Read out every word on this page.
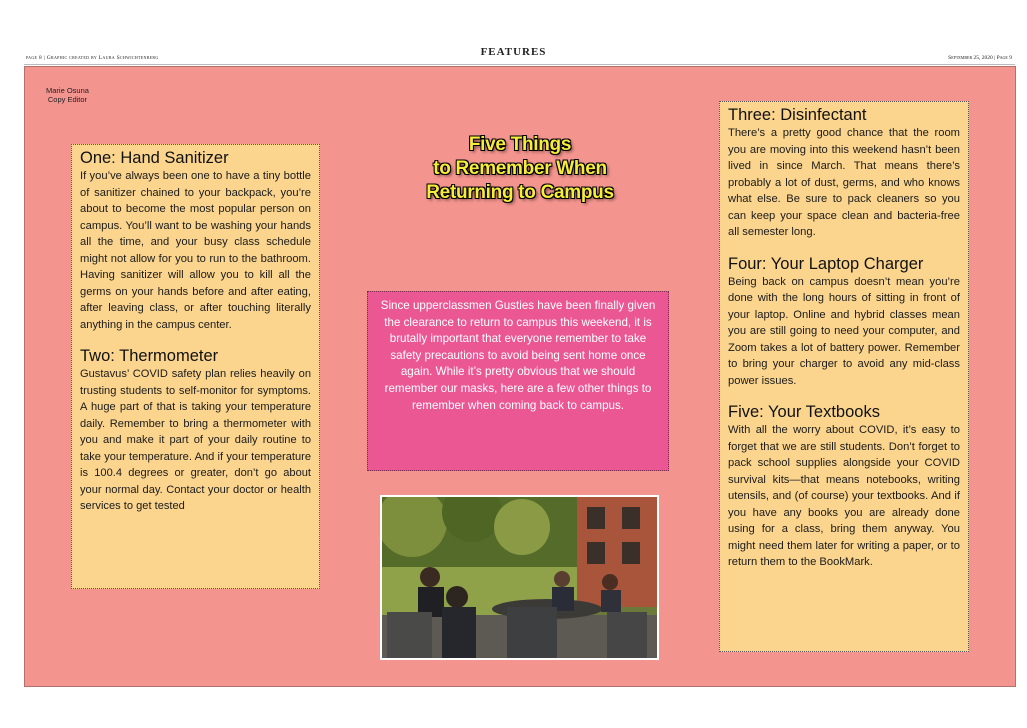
page 8 | Graphic created by Laura Schwichtenberg	FEATURES	September 25, 2020 | Page 9
Marie Osuna
Copy Editor
One: Hand Sanitizer

If you’ve always been one to have a tiny bottle of sanitizer chained to your backpack, you’re about to become the most popular person on campus. You’ll want to be washing your hands all the time, and your busy class schedule might not allow for you to run to the bathroom. Having sanitizer will allow you to kill all the germs on your hands before and after eating, after leaving class, or after touching literally anything in the campus center.

Two: Thermometer

Gustavus’ COVID safety plan relies heavily on trusting students to self-monitor for symptoms. A huge part of that is taking your temperature daily. Remember to bring a thermometer with you and make it part of your daily routine to take your temperature. And if your temperature is 100.4 degrees or greater, don’t go about your normal day. Contact your doctor or health services to get tested

Five Things
to Remember When
Returning to Campus
Since upperclassmen Gusties have been finally given the clearance to return to campus this weekend, it is brutally important that everyone remember to take safety precautions to avoid being sent home once again. While it’s pretty obvious that we should remember our masks, here are a few other things to remember when coming back to campus.
Three: Disinfectant

There’s a pretty good chance that the room you are moving into this weekend hasn’t been lived in since March. That means there’s probably a lot of dust, germs, and who knows what else. Be sure to pack cleaners so you can keep your space clean and bacteria-free all semester long.

Four: Your Laptop Charger

Being back on campus doesn’t mean you’re done with the long hours of sitting in front of your laptop. Online and hybrid classes mean you are still going to need your computer, and Zoom takes a lot of battery power. Remember to bring your charger to avoid any mid-class power issues.

Five: Your Textbooks

With all the worry about COVID, it’s easy to forget that we are still students. Don’t forget to pack school supplies alongside your COVID survival kits—that means notebooks, writing utensils, and (of course) your textbooks. And if you have any books you are already done using for a class, bring them anyway. You might need them later for writing a paper, or to return them to the BookMark.
